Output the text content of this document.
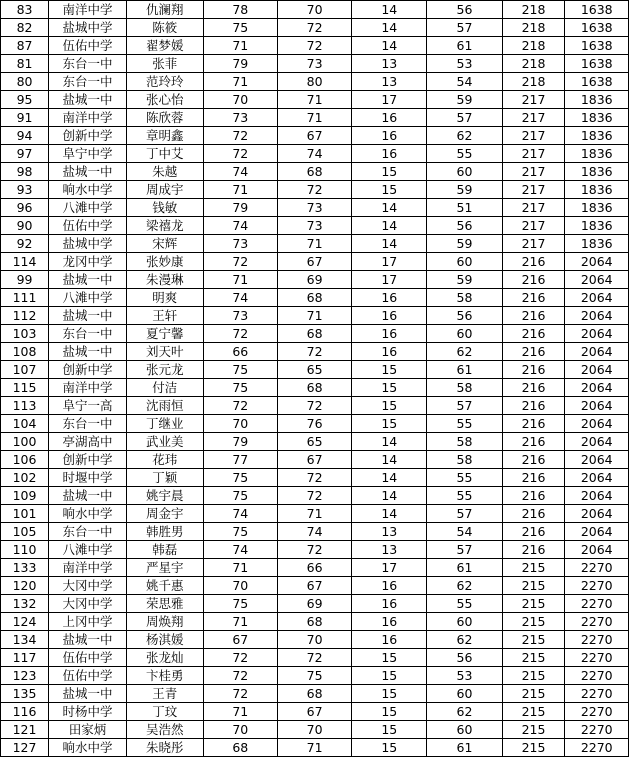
83	南洋中学	仇澜翔	78	70	14	56	218	1638
82	盐城中学	陈筱	75	72	14	57	218	1638
87	伍佑中学	翟梦媛	71	72	14	61	218	1638
81	东台一中	张菲	79	73	13	53	218	1638
80	东台一中	范玲玲	71	80	13	54	218	1638
95	盐城一中	张心怡	70	71	17	59	217	1836
91	南洋中学	陈欣蓉	73	71	16	57	217	1836
94	创新中学	章明鑫	72	67	16	62	217	1836
97	阜宁中学	丁中艾	72	74	16	55	217	1836
98	盐城一中	朱越	74	68	15	60	217	1836
93	响水中学	周成宇	71	72	15	59	217	1836
96	八滩中学	钱敏	79	73	14	51	217	1836
90	伍佑中学	梁禧龙	74	73	14	56	217	1836
92	盐城中学	宋辉	73	71	14	59	217	1836
114	龙冈中学	张妙康	72	67	17	60	216	2064
99	盐城一中	朱漫琳	71	69	17	59	216	2064
111	八滩中学	明爽	74	68	16	58	216	2064
112	盐城一中	王轩	73	71	16	56	216	2064
103	东台一中	夏宁馨	72	68	16	60	216	2064
108	盐城一中	刘天叶	66	72	16	62	216	2064
107	创新中学	张元龙	75	65	15	61	216	2064
115	南洋中学	付洁	75	68	15	58	216	2064
113	阜宁一高	沈雨恒	72	72	15	57	216	2064
104	东台一中	丁继业	70	76	15	55	216	2064
100	亭湖高中	武业美	79	65	14	58	216	2064
106	创新中学	花玮	77	67	14	58	216	2064
102	时堰中学	丁颖	75	72	14	55	216	2064
109	盐城一中	姚宇晨	75	72	14	55	216	2064
101	响水中学	周金宇	74	71	14	57	216	2064
105	东台一中	韩胜男	75	74	13	54	216	2064
110	八滩中学	韩磊	74	72	13	57	216	2064
133	南洋中学	严星宇	71	66	17	61	215	2270
120	大冈中学	姚千惠	70	67	16	62	215	2270
132	大冈中学	荣思雅	75	69	16	55	215	2270
124	上冈中学	周焕翔	71	68	16	60	215	2270
134	盐城一中	杨淇媛	67	70	16	62	215	2270
117	伍佑中学	张龙灿	72	72	15	56	215	2270
123	伍佑中学	卞桂勇	72	75	15	53	215	2270
135	盐城一中	王青	72	68	15	60	215	2270
116	时杨中学	丁玟	71	67	15	62	215	2270
121	田家炳	吴浩然	70	70	15	60	215	2270
127	响水中学	朱晓彤	68	71	15	61	215	2270
